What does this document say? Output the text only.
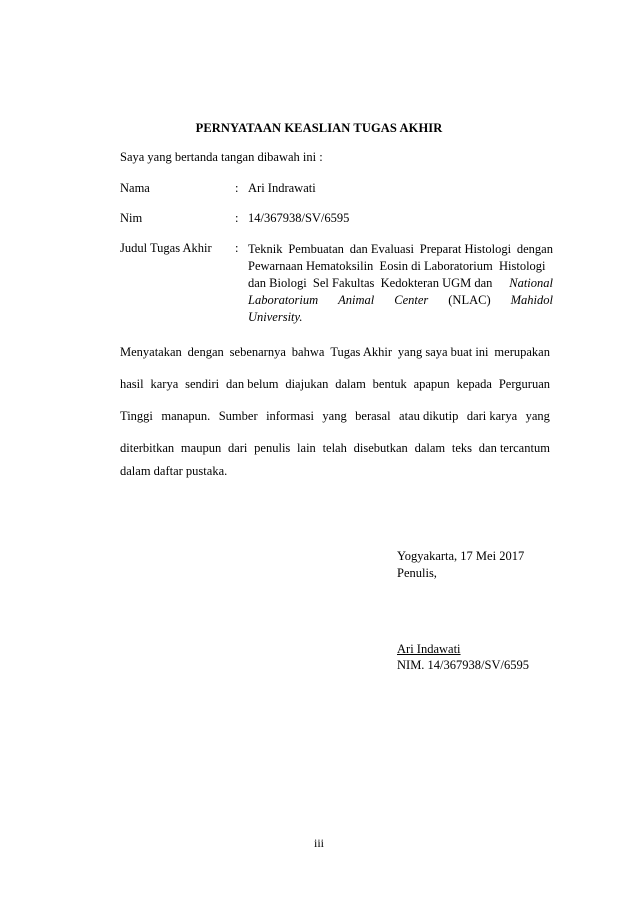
PERNYATAAN KEASLIAN TUGAS AKHIR
Saya yang bertanda tangan dibawah ini :
Nama	: Ari Indrawati
Nim	: 14/367938/SV/6595
Judul Tugas Akhir : Teknik Pembuatan dan Evaluasi Preparat Histologi dengan
Pewarnaan Hematoksilin  Eosin di Laboratorium  Histologi
dan Biologi  Sel Fakultas  Kedokteran UGM dan National
Laboratorium Animal Center (NLAC) Mahidol
University.
Menyatakan dengan sebenarnya bahwa Tugas Akhir yang saya buat ini merupakan
hasil karya sendiri dan belum diajukan dalam bentuk apapun kepada Perguruan
Tinggi manapun. Sumber informasi yang berasal atau dikutip dari karya yang
diterbitkan maupun dari penulis lain telah disebutkan dalam teks dan tercantum
dalam daftar pustaka.
Yogyakarta, 17 Mei 2017
Penulis,
Ari Indawati
NIM. 14/367938/SV/6595
iii
